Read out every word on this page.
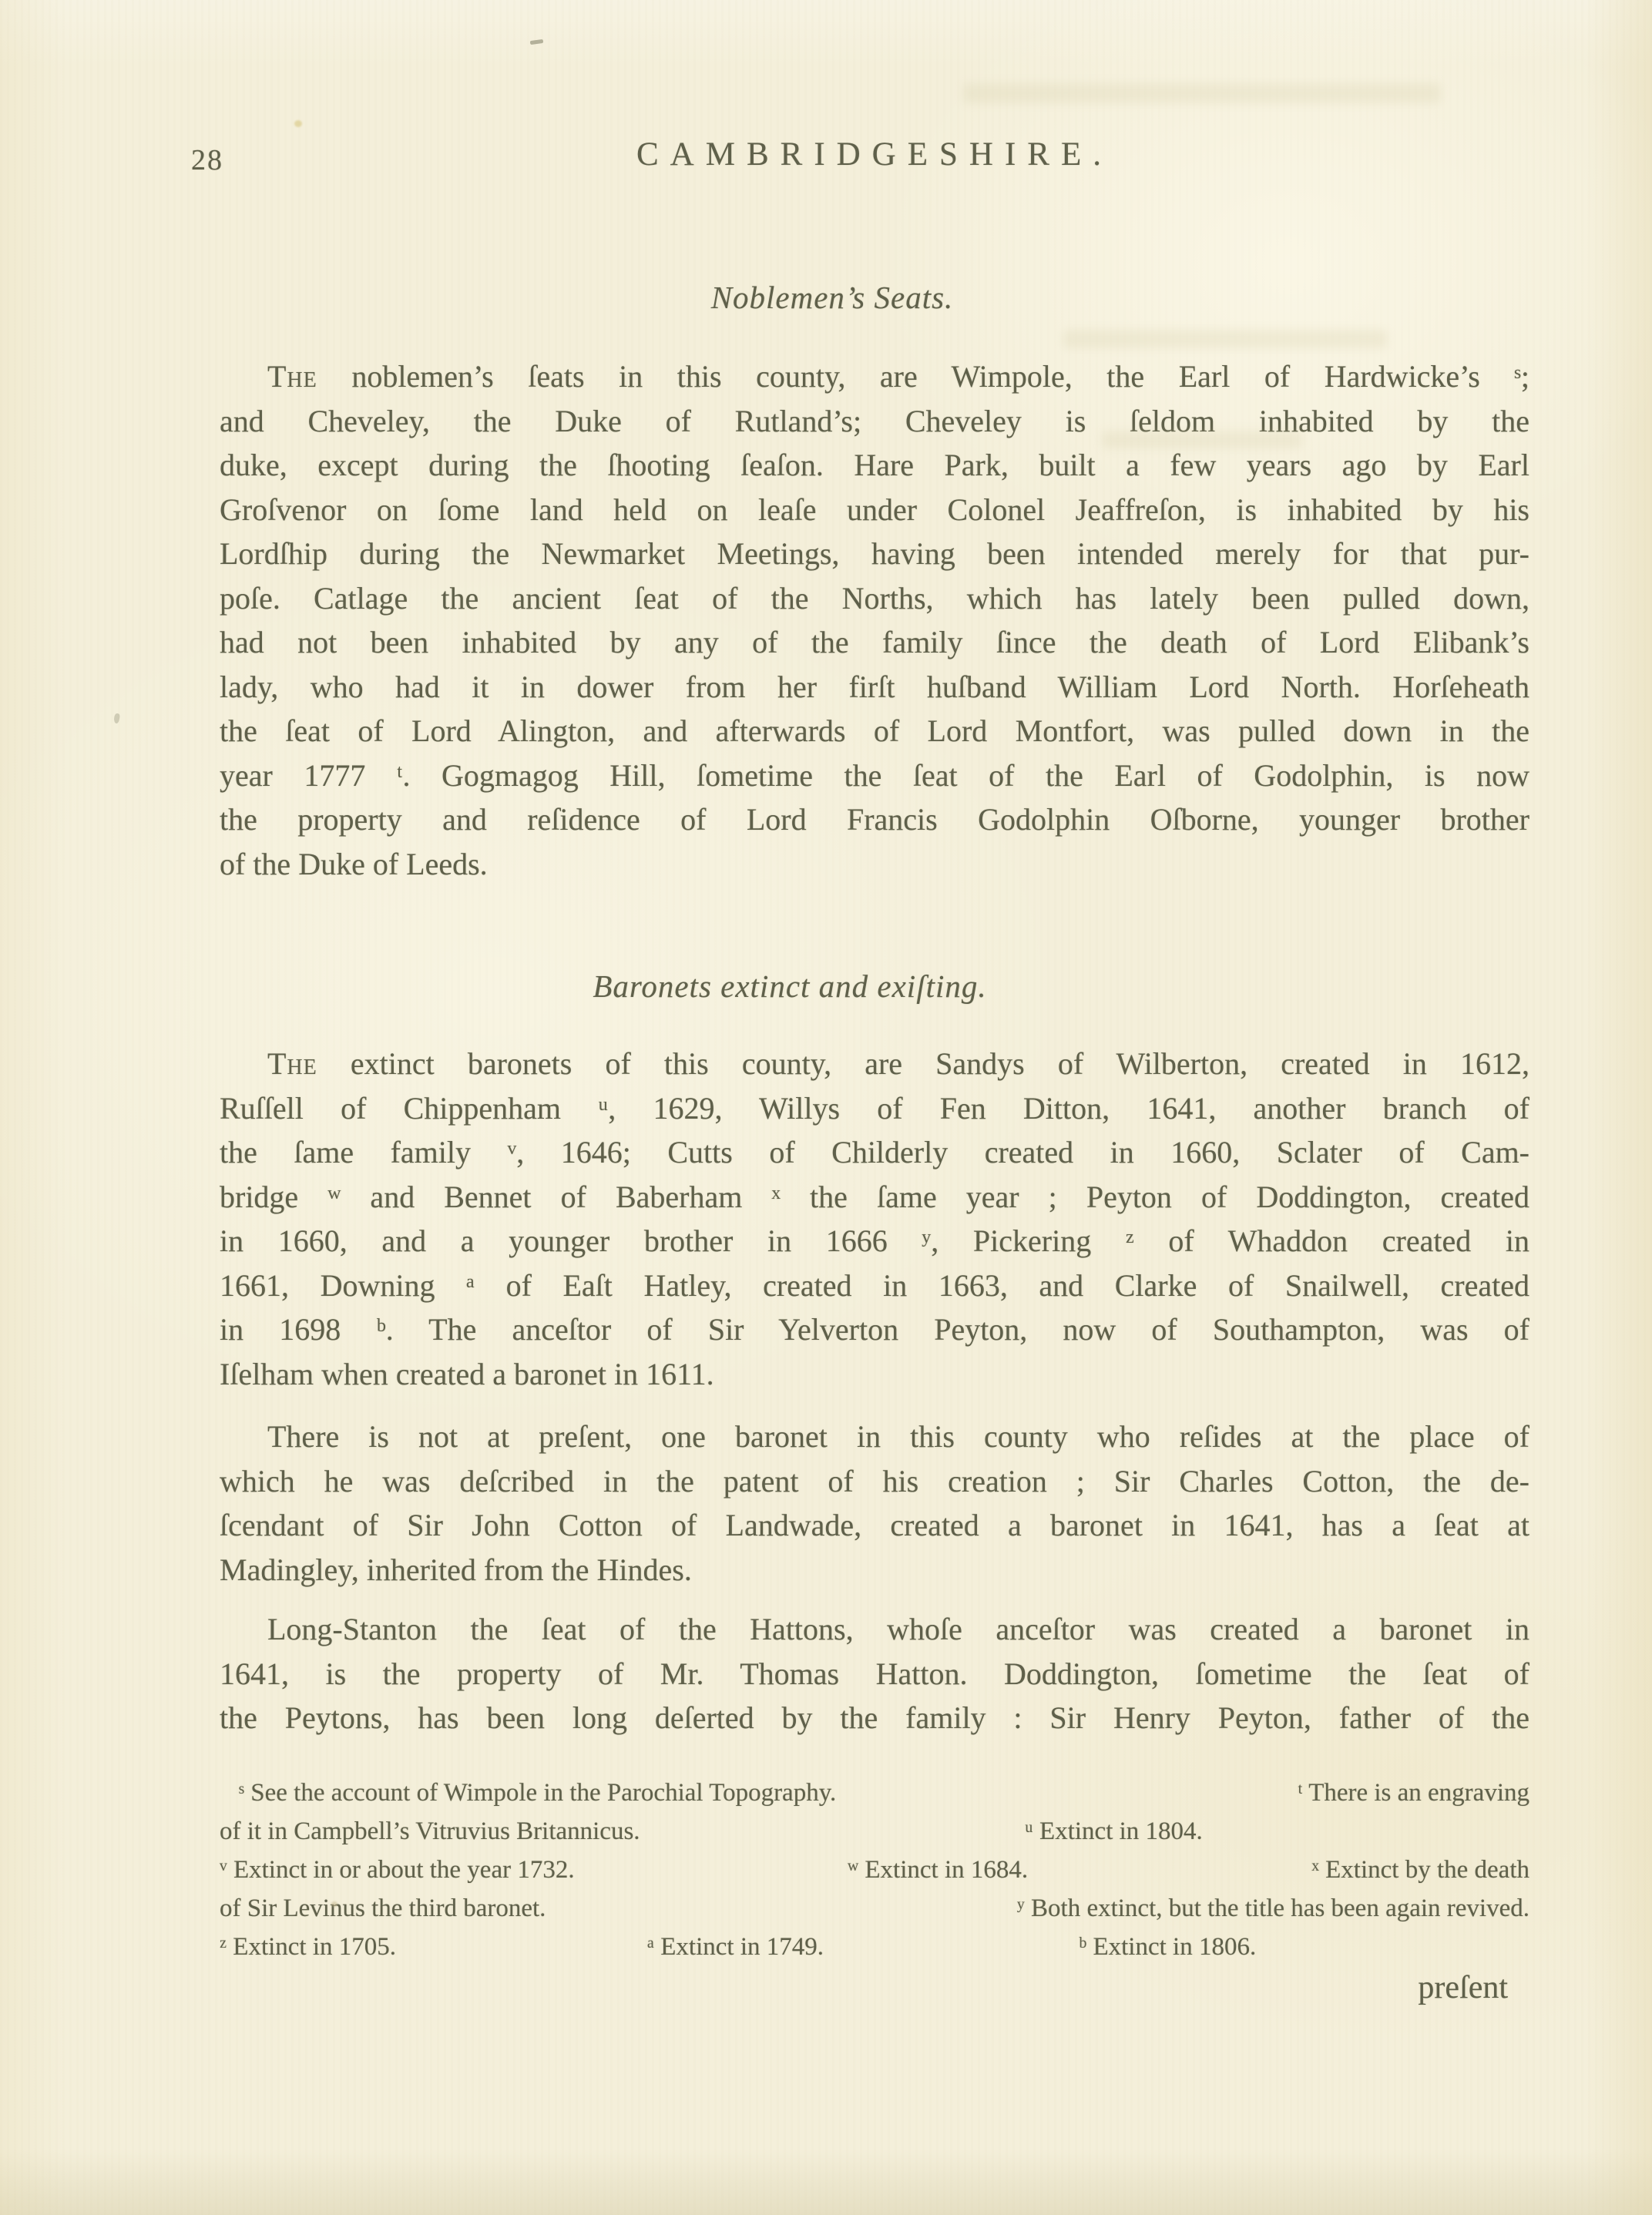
28	CAMBRIDGESHIRE.
Noblemen’s Seats.
The noblemen’s ſeats in this county, are Wimpole, the Earl of Hardwicke’s ˢ;
and Cheveley, the Duke of Rutland’s; Cheveley is ſeldom inhabited by the
duke, except during the ſhooting ſeaſon. Hare Park, built a few years ago by Earl
Groſvenor on ſome land held on leaſe under Colonel Jeaffreſon, is inhabited by his
Lordſhip during the Newmarket Meetings, having been intended merely for that pur-
poſe. Catlage the ancient ſeat of the Norths, which has lately been pulled down,
had not been inhabited by any of the family ſince the death of Lord Elibank’s
lady, who had it in dower from her firſt huſband William Lord North. Horſeheath
the ſeat of Lord Alington, and afterwards of Lord Montfort, was pulled down in the
year 1777 ᵗ. Gogmagog Hill, ſometime the ſeat of the Earl of Godolphin, is now
the property and reſidence of Lord Francis Godolphin Oſborne, younger brother
of the Duke of Leeds.
Baronets extinct and exiſting.
The extinct baronets of this county, are Sandys of Wilberton, created in 1612,
Ruſſell of Chippenham ᵘ, 1629, Willys of Fen Ditton, 1641, another branch of
the ſame family ᵛ, 1646; Cutts of Childerly created in 1660, Sclater of Cam-
bridge ʷ and Bennet of Baberham ˣ the ſame year ; Peyton of Doddington, created
in 1660, and a younger brother in 1666 ʸ, Pickering ᶻ of Whaddon created in
1661, Downing ᵃ of Eaſt Hatley, created in 1663, and Clarke of Snailwell, created
in 1698 ᵇ. The anceſtor of Sir Yelverton Peyton, now of Southampton, was of
Iſelham when created a baronet in 1611.
There is not at preſent, one baronet in this county who reſides at the place of
which he was deſcribed in the patent of his creation ; Sir Charles Cotton, the de-
ſcendant of Sir John Cotton of Landwade, created a baronet in 1641, has a ſeat at
Madingley, inherited from the Hindes.
Long-Stanton the ſeat of the Hattons, whoſe anceſtor was created a baronet in
1641, is the property of Mr. Thomas Hatton. Doddington, ſometime the ſeat of
the Peytons, has been long deſerted by the family : Sir Henry Peyton, father of the
ˢ See the account of Wimpole in the Parochial Topography.	ᵗ There is an engraving
of it in Campbell’s Vitruvius Britannicus.	ᵘ Extinct in 1804.
ᵛ Extinct in or about the year 1732.	ʷ Extinct in 1684.	ˣ Extinct by the death
of Sir Levinus the third baronet.	ʸ Both extinct, but the title has been again revived.
ᶻ Extinct in 1705.	ᵃ Extinct in 1749.	ᵇ Extinct in 1806.
preſent
